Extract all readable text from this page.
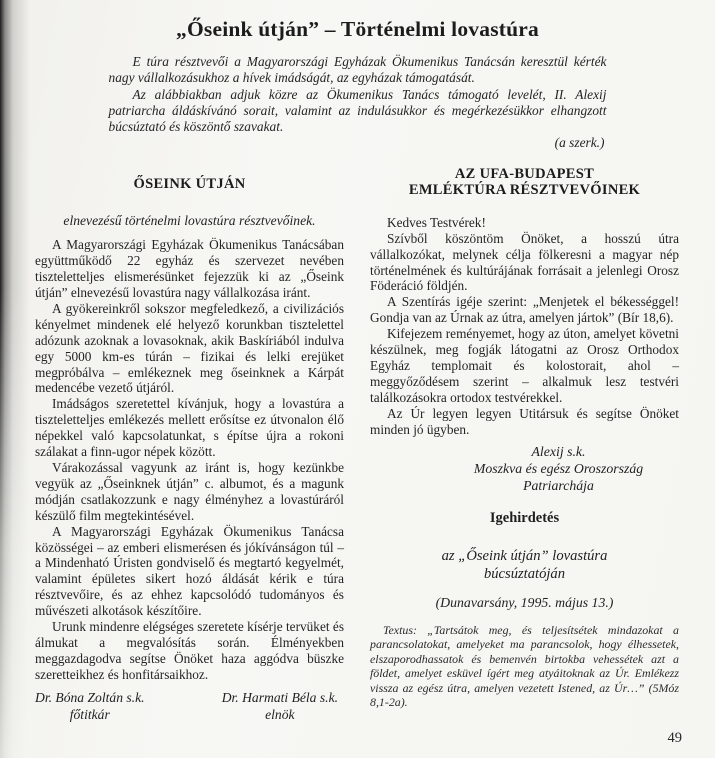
„Őseink útján” – Történelmi lovastúra

E túra résztvevői a Magyarországi Egyházak Ökumenikus Tanácsán keresztül kérték nagy vállalkozásukhoz a hívek imádságát, az egyházak támogatását.

Az alábbiakban adjuk közre az Ökumenikus Tanács támogató levelét, II. Alexij patriarcha áldáskívánó sorait, valamint az indulásukkor és megérkezésükkor elhangzott búcsúztató és köszöntő szavakat.

(a szerk.)

ŐSEINK ÚTJÁN

elnevezésű történelmi lovastúra résztvevőinek.

A Magyarországi Egyházak Ökumenikus Tanácsában együttműködő 22 egyház és szervezet nevében tiszteletteljes elismerésünket fejezzük ki az „Őseink útján” elnevezésű lovastúra nagy vállalkozása iránt.

A gyökereinkről sokszor megfeledkező, a civilizációs kényelmet mindenek elé helyező korunkban tisztelettel adózunk azoknak a lovasoknak, akik Baskíriából indulva egy 5000 km-es túrán – fizikai és lelki erejüket megpróbálva – emlékeznek meg őseinknek a Kárpát medencébe vezető útjáról.

Imádságos szeretettel kívánjuk, hogy a lovastúra a tiszteletteljes emlékezés mellett erősítse ez útvonalon élő népekkel való kapcsolatunkat, s építse újra a rokoni szálakat a finn-ugor népek között.

Várakozással vagyunk az iránt is, hogy kezünkbe vegyük az „Őseinknek útján” c. albumot, és a magunk módján csatlakozzunk e nagy élményhez a lovastúráról készülő film megtekintésével.

A Magyarországi Egyházak Ökumenikus Tanácsa közösségei – az emberi elismerésen és jókívánságon túl – a Mindenható Úristen gondviselő és megtartó kegyelmét, valamint épületes sikert hozó áldását kérik e túra résztvevőire, és az ehhez kapcsolódó tudományos és művészeti alkotások készítőire.

Urunk mindenre elégséges szeretete kísérje tervüket és álmukat a megvalósítás során. Élményekben meggazdagodva segítse Önöket haza aggódva büszke szeretteikhez és honfitársaikhoz.

Dr. Bóna Zoltán s.k.
főtitkár
Dr. Harmati Béla s.k.
elnök
AZ UFA-BUDAPEST
EMLÉKTÚRA RÉSZTVEVŐINEK

Kedves Testvérek!

Szívből köszöntöm Önöket, a hosszú útra vállalkozókat, melynek célja fölkeresni a magyar nép történelmének és kultúrájának forrásait a jelenlegi Orosz Föderáció földjén.

A Szentírás igéje szerint: „Menjetek el békességgel! Gondja van az Úrnak az útra, amelyen jártok” (Bír 18,6).

Kifejezem reményemet, hogy az úton, amelyet követni készülnek, meg fogják látogatni az Orosz Orthodox Egyház templomait és kolostorait, ahol – meggyőződésem szerint – alkalmuk lesz testvéri találkozásokra ortodox testvérekkel.

Az Úr legyen legyen Utitársuk és segítse Önöket minden jó ügyben.

Alexij s.k.
Moszkva és egész Oroszország
Patriarchája
Igehirdetés
az „Őseink útján” lovastúra
búcsúztatóján
(Dunavarsány, 1995. május 13.)

Textus: „Tartsátok meg, és teljesítsétek mindazokat a parancsolatokat, amelyeket ma parancsolok, hogy élhessetek, elszaporodhassatok és bemenvén birtokba vehessétek azt a földet, amelyet esküvel ígért meg atyáitoknak az Úr. Emlékezz vissza az egész útra, amelyen vezetett Istened, az Úr…” (5Móz 8,1-2a).

49
